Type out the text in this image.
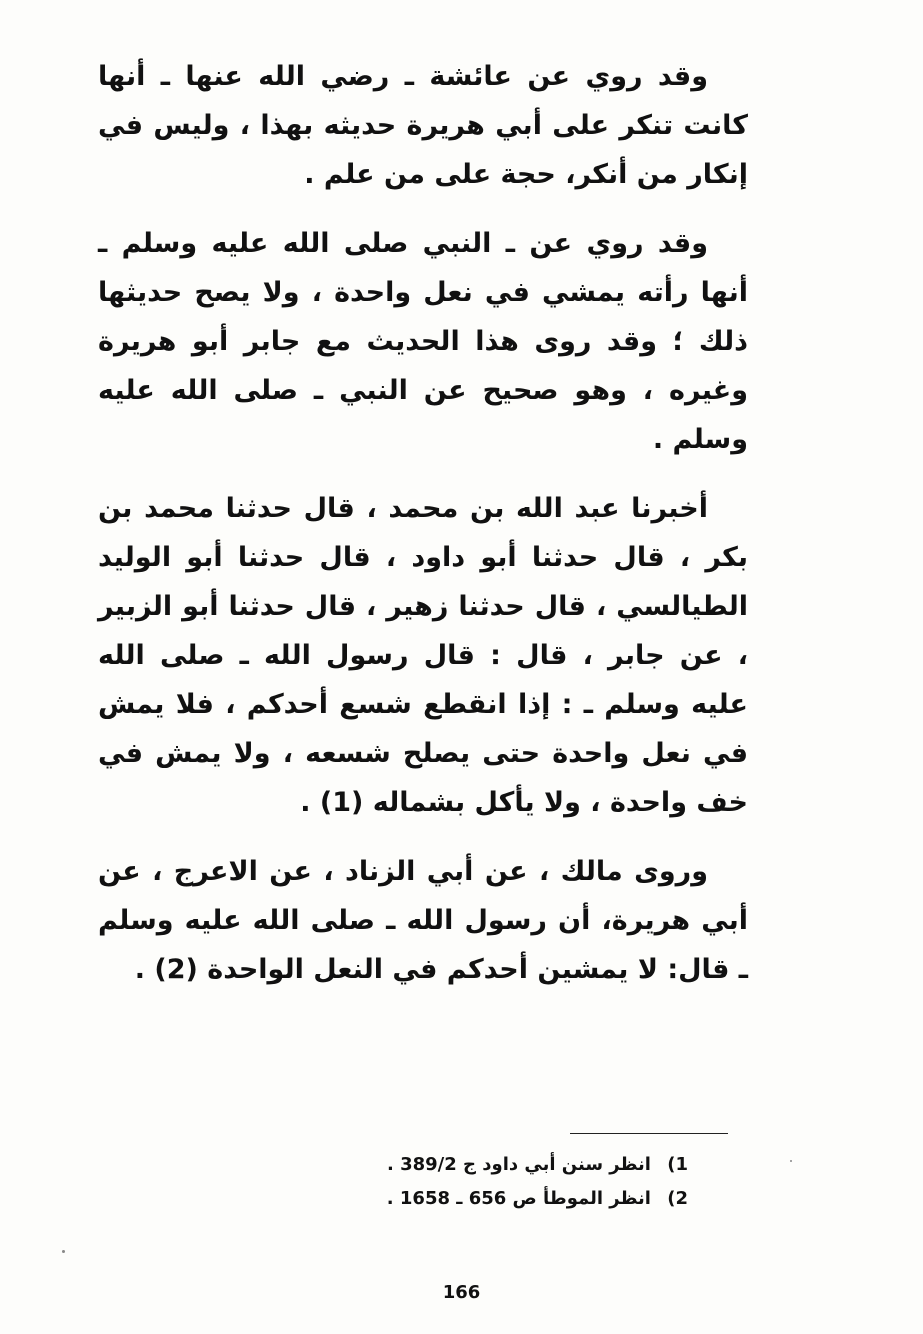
وقد روي عن عائشة ـ رضي الله عنها ـ أنها كانت تنكر على أبي هريرة حديثه بهذا ، وليس في إنكار من أنكر، حجة على من علم .

وقد روي عن ـ النبي صلى الله عليه وسلم ـ أنها رأته يمشي في نعل واحدة ، ولا يصح حديثها ذلك ؛ وقد روى هذا الحديث مع جابر أبو هريرة وغيره ، وهو صحيح عن النبي ـ صلى الله عليه وسلم .

أخبرنا عبد الله بن محمد ، قال حدثنا محمد بن بكر ، قال حدثنا أبو داود ، قال حدثنا أبو الوليد الطيالسي ، قال حدثنا زهير ، قال حدثنا أبو الزبير ، عن جابر ، قال : قال رسول الله ـ صلى الله عليه وسلم ـ : إذا انقطع شسع أحدكم ، فلا يمش في نعل واحدة حتى يصلح شسعه ، ولا يمش في خف واحدة ، ولا يأكل بشماله (1) .

وروى مالك ، عن أبي الزناد ، عن الاعرج ، عن أبي هريرة، أن رسول الله ـ صلى الله عليه وسلم ـ قال: لا يمشين أحدكم في النعل الواحدة (2) .

1) انظر سنن أبي داود ج 389/2 .
2) انظر الموطأ ص 656 ـ 1658 .
166
